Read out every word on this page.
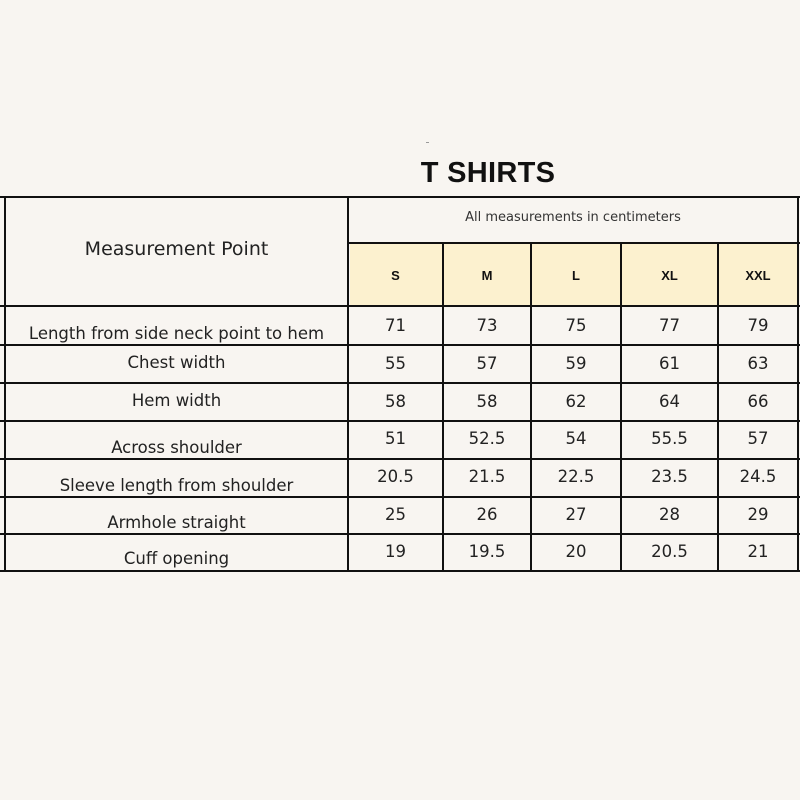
T SHIRTS
Measurement Point
All measurements in centimeters
S	M	L	XL	XXL
Length from side neck point to hem	71	73	75	77	79
Chest width	55	57	59	61	63
Hem width	58	58	62	64	66
Across shoulder	51	52.5	54	55.5	57
Sleeve length from shoulder	20.5	21.5	22.5	23.5	24.5
Armhole straight	25	26	27	28	29
Cuff opening	19	19.5	20	20.5	21
